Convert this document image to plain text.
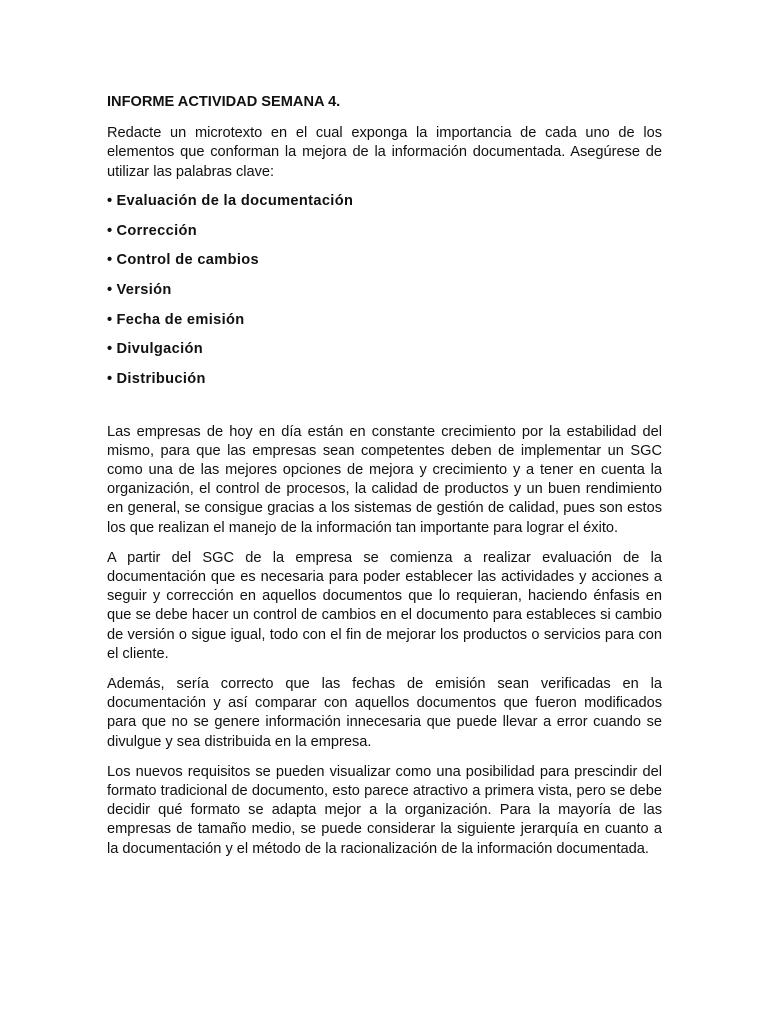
INFORME ACTIVIDAD SEMANA 4.

Redacte un microtexto en el cual exponga la importancia de cada uno de los elementos que conforman la mejora de la información documentada. Asegúrese de utilizar las palabras clave:

• Evaluación de la documentación
• Corrección
• Control de cambios
• Versión
• Fecha de emisión
• Divulgación
• Distribución

Las empresas de hoy en día están en constante crecimiento por la estabilidad del mismo, para que las empresas sean competentes deben de implementar un SGC como una de las mejores opciones de mejora y crecimiento y a tener en cuenta la organización, el control de procesos, la calidad de productos y un buen rendimiento en general, se consigue gracias a los sistemas de gestión de calidad, pues son estos los que realizan el manejo de la información tan importante para lograr el éxito.

A partir del SGC de la empresa se comienza a realizar evaluación de la documentación que es necesaria para poder establecer las actividades y acciones a seguir y corrección en aquellos documentos que lo requieran, haciendo énfasis en que se debe hacer un control de cambios en el documento para estableces si cambio de versión o sigue igual, todo con el fin de mejorar los productos o servicios para con el cliente.

Además, sería correcto que las fechas de emisión sean verificadas en la documentación y así comparar con aquellos documentos que fueron modificados para que no se genere información innecesaria que puede llevar a error cuando se divulgue y sea distribuida en la empresa.

Los nuevos requisitos se pueden visualizar como una posibilidad para prescindir del formato tradicional de documento, esto parece atractivo a primera vista, pero se debe decidir qué formato se adapta mejor a la organización. Para la mayoría de las empresas de tamaño medio, se puede considerar la siguiente jerarquía en cuanto a la documentación y el método de la racionalización de la información documentada.
